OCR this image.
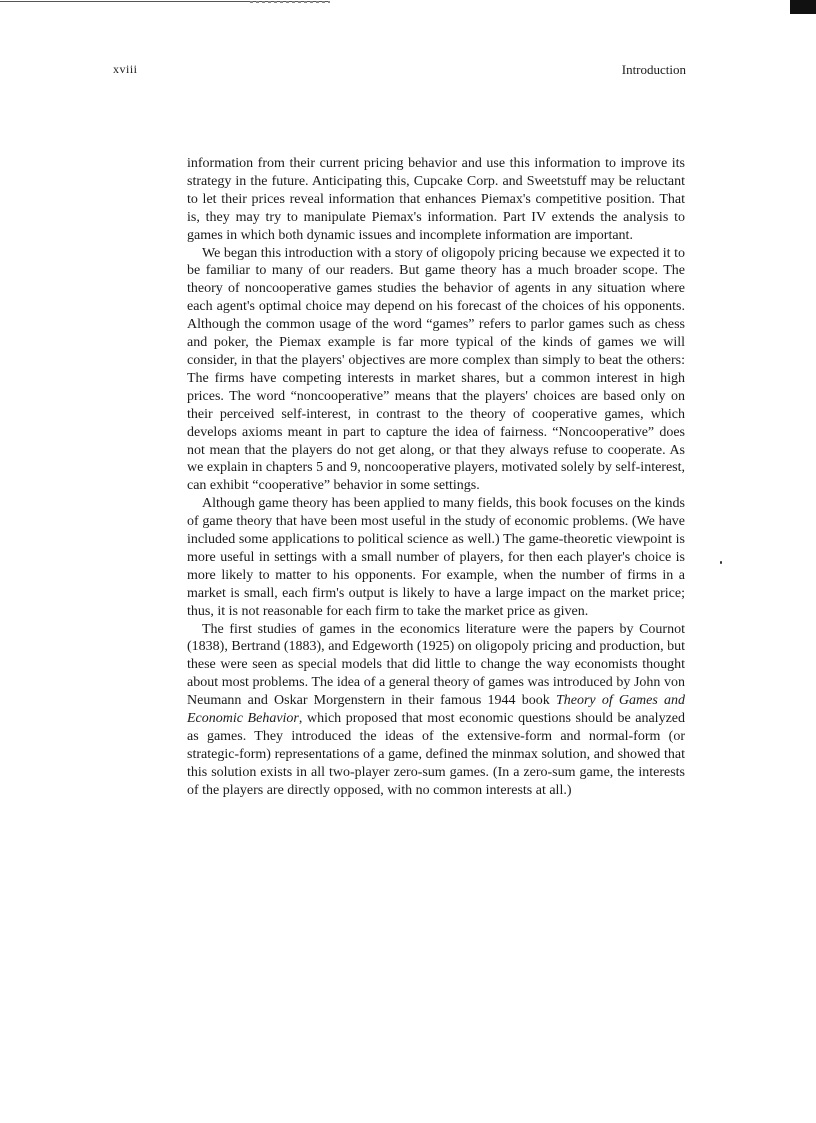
xviii	Introduction

information from their current pricing behavior and use this information to improve its strategy in the future. Anticipating this, Cupcake Corp. and Sweetstuff may be reluctant to let their prices reveal information that enhances Piemax's competitive position. That is, they may try to manipulate Piemax's information. Part IV extends the analysis to games in which both dynamic issues and incomplete information are important.

We began this introduction with a story of oligopoly pricing because we expected it to be familiar to many of our readers. But game theory has a much broader scope. The theory of noncooperative games studies the behavior of agents in any situation where each agent's optimal choice may depend on his forecast of the choices of his opponents. Although the common usage of the word “games” refers to parlor games such as chess and poker, the Piemax example is far more typical of the kinds of games we will consider, in that the players' objectives are more complex than simply to beat the others: The firms have competing interests in market shares, but a common interest in high prices. The word “noncooperative” means that the players' choices are based only on their perceived self-interest, in contrast to the theory of cooperative games, which develops axioms meant in part to capture the idea of fairness. “Noncooperative” does not mean that the players do not get along, or that they always refuse to cooperate. As we explain in chapters 5 and 9, noncooperative players, motivated solely by self-interest, can exhibit “cooperative” behavior in some settings.

Although game theory has been applied to many fields, this book focuses on the kinds of game theory that have been most useful in the study of economic problems. (We have included some applications to political science as well.) The game-theoretic viewpoint is more useful in settings with a small number of players, for then each player's choice is more likely to matter to his opponents. For example, when the number of firms in a market is small, each firm's output is likely to have a large impact on the market price; thus, it is not reasonable for each firm to take the market price as given.

The first studies of games in the economics literature were the papers by Cournot (1838), Bertrand (1883), and Edgeworth (1925) on oligopoly pricing and production, but these were seen as special models that did little to change the way economists thought about most problems. The idea of a general theory of games was introduced by John von Neumann and Oskar Morgenstern in their famous 1944 book Theory of Games and Economic Behavior, which proposed that most economic questions should be analyzed as games. They introduced the ideas of the extensive-form and normal-form (or strategic-form) representations of a game, defined the minmax solution, and showed that this solution exists in all two-player zero-sum games. (In a zero-sum game, the interests of the players are directly opposed, with no common interests at all.)
